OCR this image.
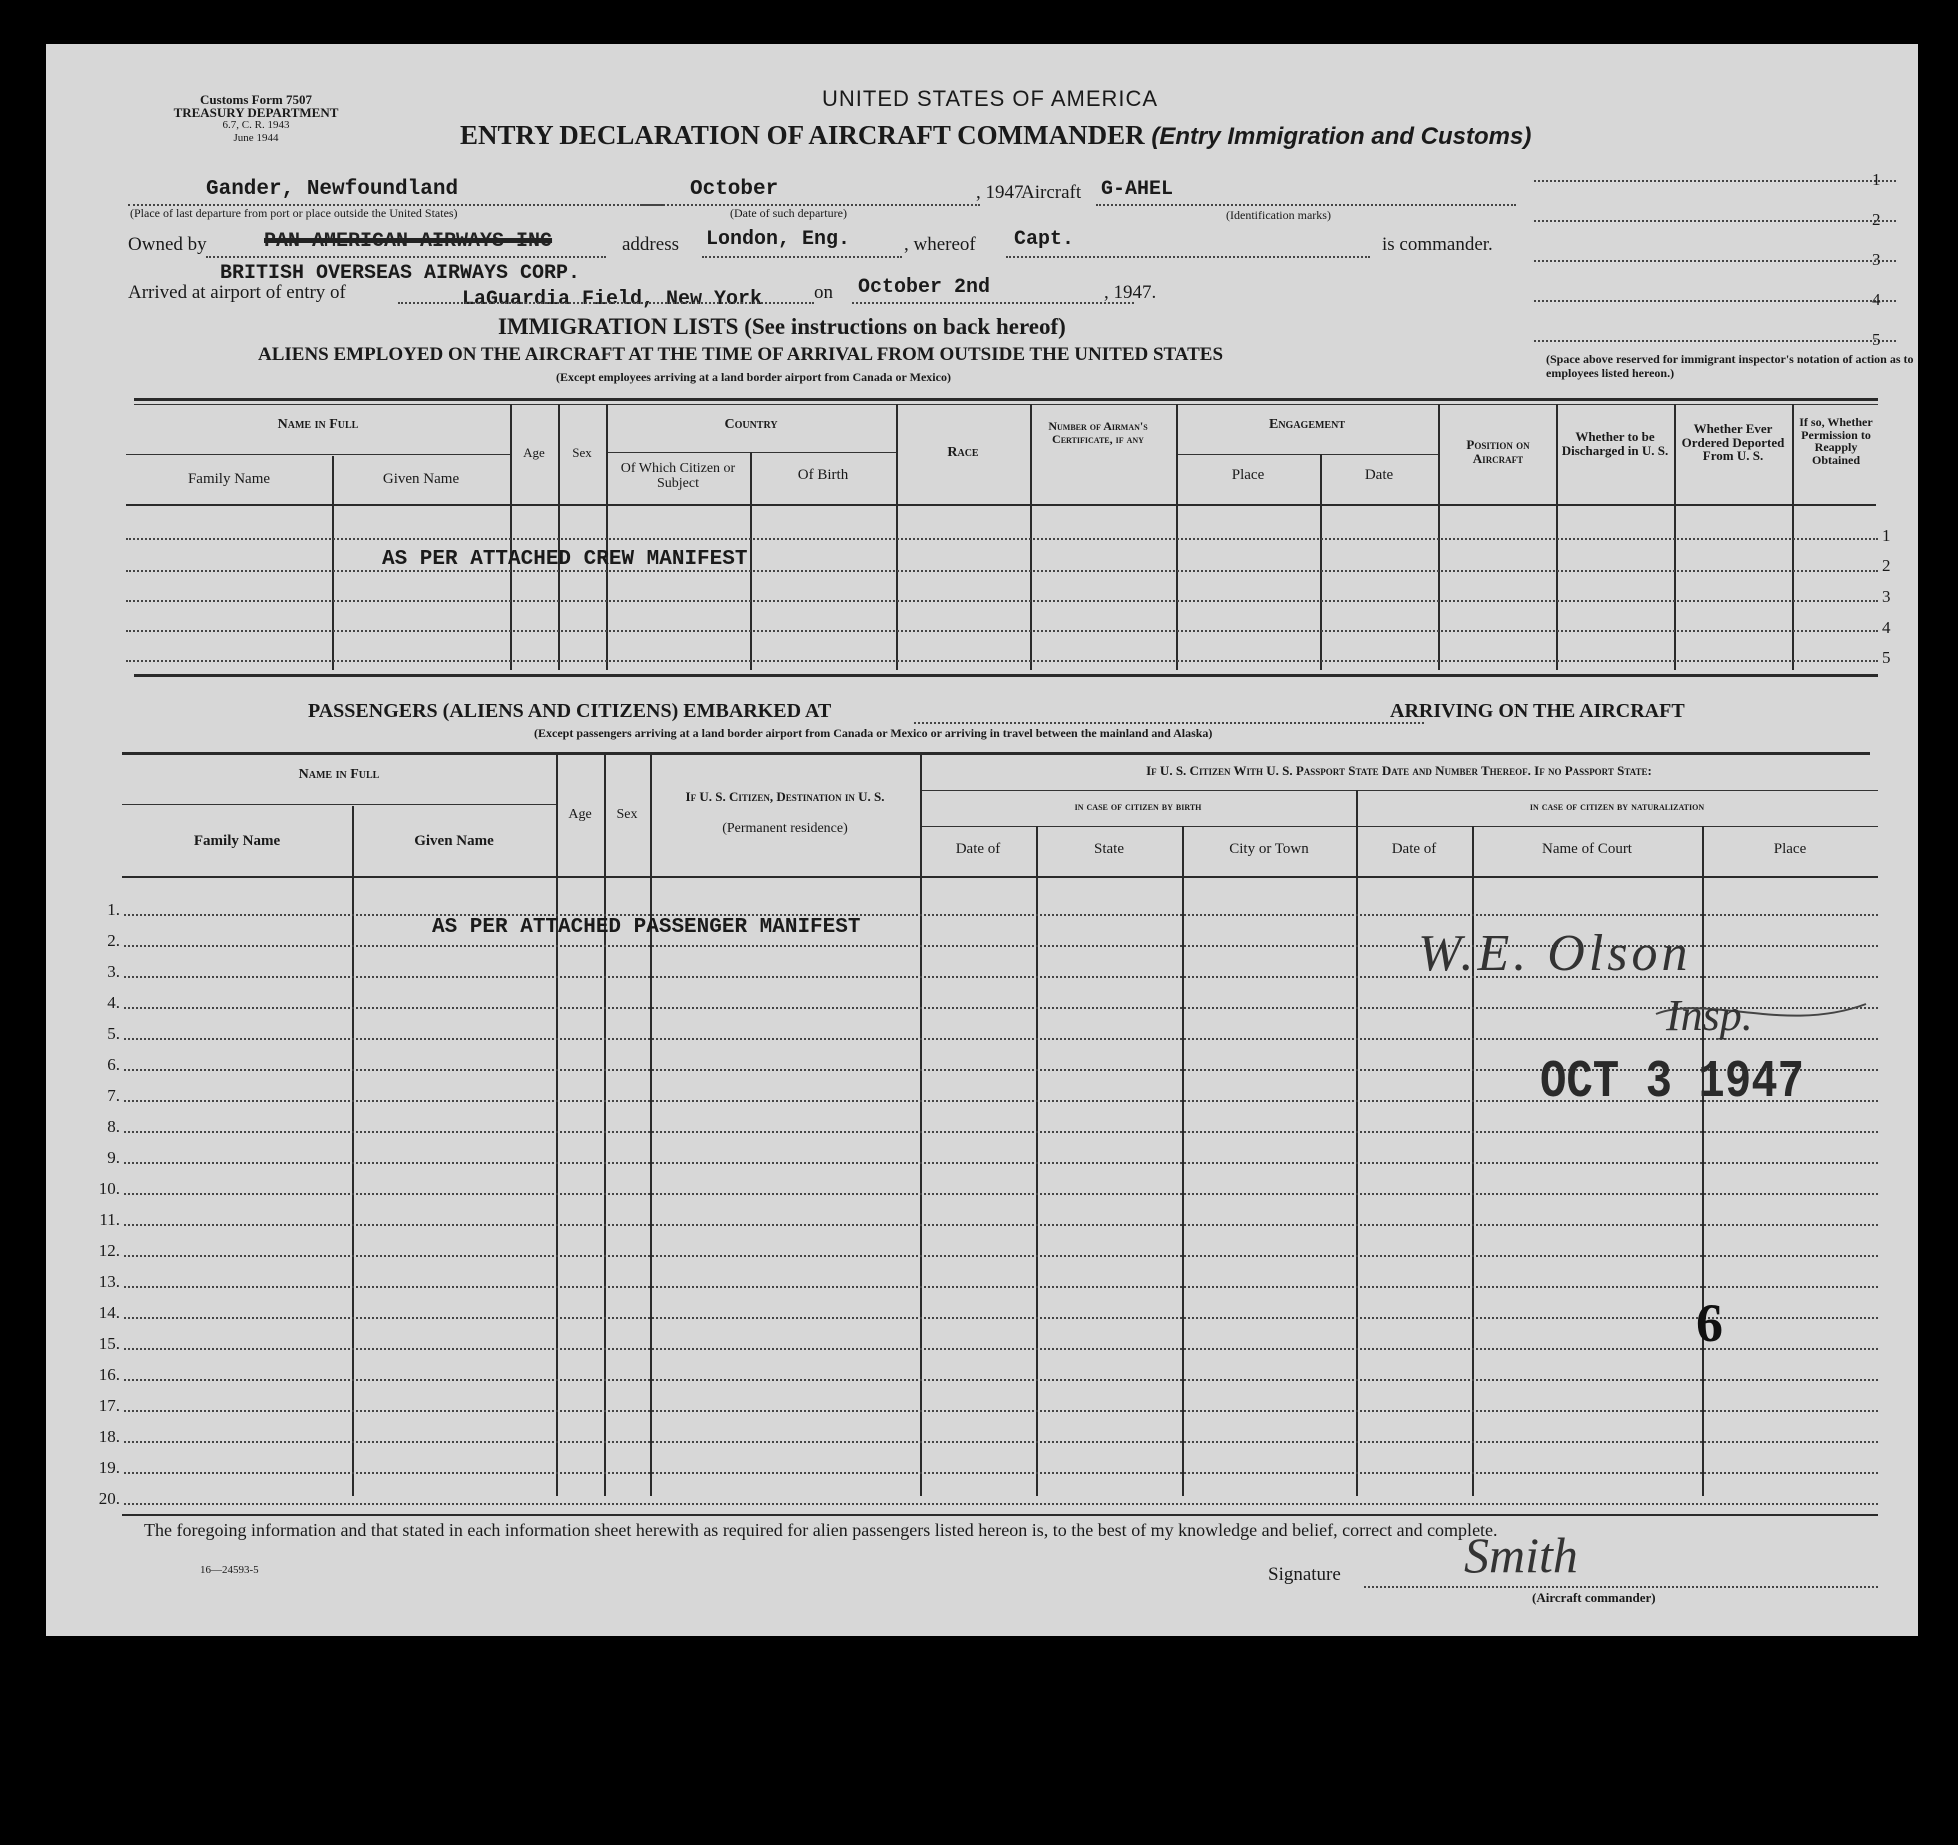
Customs Form 7507
TREASURY DEPARTMENT
6.7, C. R. 1943
June 1944
UNITED STATES OF AMERICA
ENTRY DECLARATION OF AIRCRAFT COMMANDER (Entry Immigration and Customs)
Gander, Newfoundland
(Place of last departure from port or place outside the United States)
October
(Date of such departure)
, 1947
Aircraft G-AHEL
(Identification marks)
Owned by	PAN AMERICAN AIRWAYS INC	address London, Eng.	, whereof Capt.	is commander.
BRITISH OVERSEAS AIRWAYS CORP.
Arrived at airport of entry of	LaGuardia Field, New York	on October 2nd	, 1947.
1
2
3
4
5
(Space above reserved for immigrant inspector's notation of action as to employees listed hereon.)
IMMIGRATION LISTS (See instructions on back hereof)
ALIENS EMPLOYED ON THE AIRCRAFT AT THE TIME OF ARRIVAL FROM OUTSIDE THE UNITED STATES
(Except employees arriving at a land border airport from Canada or Mexico)
Name in Full
Family Name	Given Name
Age	Sex
Country
Of Which Citizen or Subject
Of Birth
Race
Number of Airman's Certificate, if any
Engagement
Place	Date
Position on Aircraft
Whether to be Discharged in U. S.
Whether Ever Ordered Deported From U. S.
If so, Whether Permission to Reapply Obtained
1
2
3
4
5
AS PER ATTACHED CREW MANIFEST
PASSENGERS (ALIENS AND CITIZENS) EMBARKED AT	ARRIVING ON THE AIRCRAFT
(Except passengers arriving at a land border airport from Canada or Mexico or arriving in travel between the mainland and Alaska)
Name in Full
Family Name	Given Name
Age	Sex
If U. S. Citizen, Destination in U. S.
(Permanent residence)
If U. S. Citizen With U. S. Passport State Date and Number Thereof. If no Passport State:
in case of citizen by birth	in case of citizen by naturalization
Date of	State	City or Town	Date of	Name of Court	Place
1.
2.
3.
4.
5.
6.
7.
8.
9.
10.
11.
12.
13.
14.
15.
16.
17.
18.
19.
20.
AS PER ATTACHED PASSENGER MANIFEST	W.E. Olson
Insp.
OCT 3 1947
6
The foregoing information and that stated in each information sheet herewith as required for alien passengers listed hereon is, to the best of my knowledge and belief, correct and complete.
16—24593-5	Signature Smith
(Aircraft commander)
